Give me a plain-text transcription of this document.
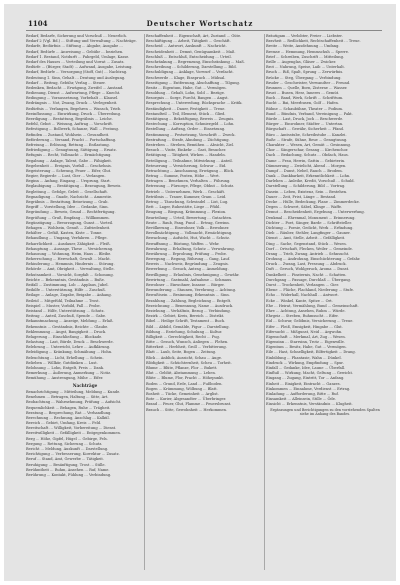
1104	Deutscher Wortschatz

Bedarf, Bedarfe, Sicherung und Vorschuß ... Neuerlich.

Bedarf 2 (Vgl. Bd.) ... Stiftung und Verwaltung ... Nachträge.

Bedarfe, Bedürfnis ... Stiftung ... Abgabe, Ausgabe ...

Bedarf, Bedürfe ... Anweisung ... Gebühr ... beziehen.

Bedarf 1. Bestand, Notdurft ... Fahrgeld, Umlage, Kasse.

Bedarf des Hauses ... Verteilung und Vorrat ... Zusatz.

Bedürfe ... (Bürger, Stadt) ... Aufwand, Ausgabe, Leistung.

Bedarf, Bedürfe ... Versorgung (Stoff, Gut) ... Nachtrag.

Bedeutung 1. Sinn, Gehalt ... Deutung und Auslegung.

Bedarf ... Beitrag, Gebühr, Verlag ... Steuer.

Bedenken, Bedacht ... Erwägung, Zweifel ... Anstand.

Bedienung, Dienst ... Aufwartung, Pflege ... Knecht.

Bedingung ... Voraussetzung, Vorbehalt ... Klausel.

Bedrängnis ... Not, Zwang, Druck ... Verlegenheit.

Bedürfnis ... Verlangen, Begehren ... Wunsch, Trieb.

Beeinflussung ... Einwirkung, Druck ... Überredung.

Beerdigung ... Bestattung, Begräbnis ... Leiche.

Befehl, Gebot ... Weisung, Auftrag ... Vorschrift.

Befestigung ... Bollwerk, Schanze, Wall ... Festung.

Befinden ... Zustand, Wohlsein ... Gesundheit.

Beförderung ... Versand, Fracht ... Fortschaffung.

Befreiung ... Erlösung, Rettung ... Entlastung.

Befriedigung ... Genugtuung, Sättigung ... Ersatz.

Befugnis ... Recht, Vollmacht ... Ermächtigung.

Begabung ... Anlage, Talent, Gabe ... Fähigkeit.

Begebenheit ... Ereignis, Vorfall ... Geschehnis.

Begeisterung ... Schwung, Feuer ... Eifer, Glut.

Begier, Begierde ... Lust, Gier ... Verlangen.

Beginn ... Anfang, Eingang ... Ursprung, Start.

Beglaubigung ... Bestätigung ... Bezeugung, Beweis.

Begleitung ... Gefolge, Geleit ... Gesellschaft.

Begnadigung ... Gnade, Nachsicht ... Amnestie.

Begräbnis ... Bestattung, Beisetzung ... Grab.

Begriff ... Vorstellung, Idee ... Gedanke, Sinn.

Begründung ... Beweis, Grund ... Rechtfertigung.

Begrüßung ... Gruß, Empfang ... Willkommen.

Begünstigung ... Bevorzugung, Gunst ... Vorteil.

Behagen ... Wohlsein, Genuß ... Zufriedenheit.

Behälter ... Gefäß, Kasten, Kiste ... Tonne.

Behandlung ... Umgang, Verfahren ... Pflege.

Beharrlichkeit ... Ausdauer, Zähigkeit ... Fleiß.

Behauptung ... Aussage, These ... Versicherung.

Behausung ... Wohnung, Heim, Haus ... Bleibe.

Beherrschung ... Herrschaft, Gewalt ... Macht.

Behinderung ... Hemmnis, Hindernis ... Störung.

Behörde ... Amt, Obrigkeit ... Verwaltung, Stelle.

Behutsamkeit ... Vorsicht, Sorgfalt ... Schonung.

Beichte ... Bekenntnis, Geständnis ... Buße.

Beifall ... Zustimmung, Lob ... Applaus, Jubel.

Beihilfe ... Unterstützung, Hilfe ... Zuschuß.

Beilage ... Anlage, Zugabe, Beigabe ... Anhang.

Beileid ... Mitgefühl, Teilnahme ... Trost.

Beispiel ... Muster, Vorbild, Fall ... Probe.

Beistand ... Hilfe, Unterstützung ... Schutz.

Beitrag ... Anteil, Zuschuß, Spende ... Gabe.

Bekanntmachung ... Anzeige, Meldung ... Erlaß.

Bekenntnis ... Geständnis, Beichte ... Glaube.

Beklemmung ... Angst, Bangigkeit ... Druck.

Belagerung ... Einschließung ... Blockade.

Belastung ... Last, Bürde, Druck ... Beschwerde.

Belehrung ... Unterricht, Lehre ... Aufklärung.

Beleidigung ... Kränkung, Schmähung ... Hohn.

Beleuchtung ... Licht, Erhellung ... Schein.

Belieben ... Willkür, Gutdünken ... Lust.

Belohnung ... Lohn, Entgelt, Preis ... Dank.

Bemerkung ... Äußerung, Anmerkung ... Notiz.

Bemühung ... Anstrengung, Mühe ... Eifer.

Nachträge

Benachrichtigung ... Mitteilung, Meldung ... Kunde.

Benehmen ... Betragen, Haltung ... Sitte, Art.

Beobachtung ... Wahrnehmung, Prüfung ... Aufsicht.

Bequemlichkeit ... Behagen, Ruhe ... Trägheit.

Beratung ... Besprechung, Rat ... Verhandlung.

Berechnung ... Rechnung, Anschlag ... Kalkül.

Bereich ... Gebiet, Umfang, Kreis ... Feld.

Bereitschaft ... Willigkeit, Vorbereitung ... Dienst.

Bereitwilligkeit ... Gefälligkeit ... Entgegenkommen.

Berg ... Höhe, Gipfel, Hügel ... Gebirge, Fels.

Bergung ... Rettung, Sicherung ... Schutz.

Bericht ... Meldung, Auskunft ... Darstellung.

Berichtigung ... Verbesserung, Korrektur ... Zusatz.

Beruf ... Stand, Amt, Gewerbe ... Tätigkeit.

Beruhigung ... Besänftigung, Trost ... Stille.

Berühmtheit ... Ruhm, Ansehen ... Ruf, Name.

Berührung ... Kontakt, Fühlung ... Verbindung.

Beschaffenheit ... Eigenschaft, Art, Zustand ... Güte.

Beschäftigung ... Arbeit, Tätigkeit ... Geschäft.

Bescheid ... Antwort, Auskunft ... Nachricht.

Bescheidenheit ... Demut, Genügsamkeit ... Maß.

Beschluß ... Entschluß, Entscheidung ... Urteil.

Beschränkung ... Begrenzung, Einschränkung ... Maß.

Beschreibung ... Schilderung, Darstellung ... Bild.

Beschuldigung ... Anklage, Vorwurf ... Verdacht.

Beschwerde ... Klage, Einspruch ... Mühsal.

Beseitigung ... Entfernung, Abschaffung ... Tilgung.

Besitz ... Eigentum, Habe, Gut ... Vermögen.

Besoldung ... Gehalt, Lohn, Sold ... Bezüge.

Besorgnis ... Sorge, Furcht, Bangen ... Angst.

Besprechung ... Unterredung, Rücksprache ... Kritik.

Beständigkeit ... Dauer, Festigkeit ... Treue.

Bestandteil ... Teil, Element, Stück ... Glied.

Bestätigung ... Bekräftigung, Beweis ... Zeugnis.

Bestechung ... Korruption, Schmiergeld ... Lohn.

Bestellung ... Auftrag, Order ... Einsetzung.

Bestimmung ... Festsetzung, Vorschrift ... Zweck.

Bestrafung ... Strafe, Ahndung ... Züchtigung.

Bestreben ... Streben, Bemühen ... Absicht, Ziel.

Besuch ... Visite, Einkehr ... Gast, Besucher.

Betätigung ... Tätigkeit, Wirken ... Handeln.

Beteiligung ... Teilnahme, Mitwirkung ... Anteil.

Beteuerung ... Versicherung, Schwur ... Eid.

Betrachtung ... Anschauung, Erwägung ... Blick.

Betrag ... Summe, Posten, Höhe ... Wert.

Betragen ... Benehmen, Verhalten ... Führung.

Betreuung ... Fürsorge, Pflege, Obhut ... Schutz.

Betrieb ... Unternehmen, Werk ... Geschäft.

Betrübnis ... Trauer, Kummer, Gram ... Leid.

Betrug ... Täuschung, Schwindel ... List, Lug.

Bett ... Lager, Ruhestätte, Liege ... Pfühl.

Beugung ... Biegung, Krümmung ... Flexion.

Beurteilung ... Urteil, Bewertung ... Gutachten.

Beute ... Raub, Fang, Fund ... Ertrag, Gewinn.

Bevölkerung ... Einwohner, Volk ... Bewohner.

Bevollmächtigung ... Vollmacht, Ermächtigung.

Bewachung ... Aufsicht, Hut, Wacht ... Schutz.

Bewaffnung ... Rüstung, Waffen ... Wehr.

Bewahrung ... Erhaltung, Schutz ... Verwahrung.

Bewährung ... Erprobung, Prüfung ... Probe.

Bewegung ... Regung, Rührung ... Gang, Lauf.

Beweis ... Nachweis, Begründung ... Zeugnis.

Bewerbung ... Gesuch, Antrag ... Anmeldung.

Bewilligung ... Erlaubnis, Genehmigung ... Gewähr.

Bewirtung ... Gastmahl, Aufnahme ... Schmaus.

Bewohner ... Einwohner, Insasse ... Bürger.

Bewunderung ... Staunen, Verehrung ... Achtung.

Bewußtsein ... Besinnung, Erkenntnis ... Sinn.

Bezahlung ... Zahlung, Begleichung ... Entgelt.

Bezeichnung ... Benennung, Name ... Ausdruck.

Beziehung ... Verhältnis, Bezug ... Verbindung.

Bezirk ... Gebiet, Kreis, Bereich ... Distrikt.

Bibel ... Heilige Schrift, Testament ... Buch.

Bild ... Abbild, Gemälde, Figur ... Darstellung.

Bildung ... Erziehung, Schulung ... Kultur.

Billigkeit ... Gerechtigkeit, Recht ... Fug.

Bitte ... Gesuch, Wunsch, Anliegen ... Flehen.

Bitterkeit ... Herbheit, Groll ... Verbitterung.

Blatt ... Laub, Seite, Bogen ... Zeitung.

Blick ... Anblick, Aussicht, Schau ... Auge.

Blödigkeit ... Schüchternheit, Scheu ... Torheit.

Blume ... Blüte, Pflanze, Flor ... Bukett.

Blut ... Geblüt, Abstammung ... Leben.

Blüte ... Blume, Flor, Pracht ... Höhepunkt.

Boden ... Grund, Erde, Land ... Fußboden.

Bogen ... Krümmung, Wölbung ... Blatt.

Bosheit ... Tücke, Gemeinheit ... Arglist.

Bote ... Kurier, Abgesandter ... Überbringer.

Brand ... Feuer, Glut, Flamme ... Feuersbrunst.

Brauch ... Sitte, Gewohnheit ... Herkommen.

Bräutigam ... Verlobter, Freier ... Liebster.

Bravheit ... Redlichkeit, Rechtschaffenheit ... Treue.

Breite ... Weite, Ausdehnung ... Umfang.

Bremse ... Hemmung, Hemmschuh ... Sperre.

Brief ... Schreiben, Zuschrift ... Mitteilung.

Brille ... Augenglas, Gläser ... Zwicker.

Brot ... Nahrung, Speise, Laib ... Unterhalt.

Bruch ... Riß, Spalt, Sprung ... Zerwürfnis.

Brücke ... Steg, Übergang ... Verbindung.

Bruder ... Geschwister, Verwandter ... Freund.

Brunnen ... Quelle, Born, Zisterne ... Wasser.

Brust ... Busen, Herz, Inneres ... Gemüt.

Buch ... Band, Werk, Schrift ... Schrifttum.

Bucht ... Bai, Meerbusen, Golf ... Hafen.

Bühne ... Schaubühne, Theater ... Podium.

Bund ... Bündnis, Verband, Vereinigung ... Pakt.

Bürde ... Last, Druck, Joch ... Beschwerde.

Bürger ... Einwohner, Städter ... Untertan.

Bürgschaft ... Gewähr, Sicherheit ... Pfand.

Büro ... Amtsstube, Schreibstube ... Kanzlei.

Buße ... Strafe, Sühne, Reue ... Genugtuung.

Charakter ... Wesen, Art, Gemüt ... Gesinnung.

Chor ... Sängerschar, Gesang ... Kirchenchor.

Dach ... Bedachung, Schutz ... Obdach, Haus.

Dame ... Frau, Herrin, Gattin ... Gebieterin.

Dämmerung ... Zwielicht, Abend ... Morgen.

Dampf ... Dunst, Nebel, Rauch ... Brodem.

Dank ... Dankbarkeit, Erkenntlichkeit ... Lohn.

Darlehen ... Anleihe, Kredit, Vorschuß ... Schuld.

Darstellung ... Schilderung, Bild ... Vortrag.

Dasein ... Leben, Existenz, Sein ... Bestehen.

Dauer ... Zeit, Frist, Länge ... Bestand.

Decke ... Hülle, Bedeckung, Plane ... Zimmerdecke.

Degen ... Schwert, Säbel, Klinge ... Waffe.

Demut ... Bescheidenheit, Ergebung ... Unterwerfung.

Denkmal ... Ehrenmal, Monument ... Erinnerung.

Dichter ... Poet, Sänger, Barde ... Schriftsteller.

Dichtung ... Poesie, Gedicht, Werk ... Erfindung.

Dieb ... Räuber, Stehler, Langfinger ... Gauner.

Dienst ... Amt, Stelle, Arbeit ... Gefälligkeit.

Ding ... Sache, Gegenstand, Stück ... Wesen.

Dorf ... Ortschaft, Flecken, Weiler ... Gemeinde.

Drang ... Trieb, Zwang, Antrieb ... Sehnsucht.

Drohung ... Androhung, Einschüchterung ... Gefahr.

Druck ... Zwang, Last, Pressung ... Abdruck.

Duft ... Geruch, Wohlgeruch, Aroma ... Dunst.

Dunkelheit ... Finsternis, Nacht ... Schatten.

Durchgang ... Passage, Durchlaß ... Übergang.

Durst ... Trockenheit, Verlangen ... Gier.

Ebene ... Fläche, Flachland, Niederung ... Stufe.

Echo ... Widerhall, Nachhall ... Antwort.

Ecke ... Winkel, Kante, Spitze ... Ort.

Ehe ... Heirat, Vermählung, Bund ... Gemeinschaft.

Ehre ... Achtung, Ansehen, Ruhm ... Würde.

Ehrgeiz ... Streben, Ruhmsucht ... Eifer.

Eid ... Schwur, Gelöbnis, Versicherung ... Treue.

Eifer ... Fleiß, Emsigkeit, Hingabe ... Glut.

Eifersucht ... Mißgunst, Neid ... Argwohn.

Eigenschaft ... Merkmal, Art, Zug ... Wesen.

Eigensinn ... Starrsinn, Trotz ... Eigenwille.

Eigentum ... Besitz, Habe, Gut ... Vermögen.

Eile ... Hast, Schnelligkeit, Eilfertigkeit ... Drang.

Einbildung ... Phantasie, Wahn ... Dünkel.

Eindruck ... Wirkung, Empfindung ... Spur.

Einfall ... Gedanke, Idee, Laune ... Überfall.

Einfluß ... Wirkung, Macht, Geltung ... Gewicht.

Eingang ... Zugang, Eintritt, Tor ... Anfang.

Einheit ... Einigkeit, Eintracht ... Ganzes.

Einkommen ... Einnahme, Verdienst ... Ertrag.

Einladung ... Aufforderung, Bitte ... Ruf.

Einsamkeit ... Alleinsein, Stille ... Öde.

Einsicht ... Erkenntnis, Verständnis ... Klugheit.

Ergänzungen und Berichtigungen zu den vorstehenden Spalten siehe im Anhang des Bandes.
